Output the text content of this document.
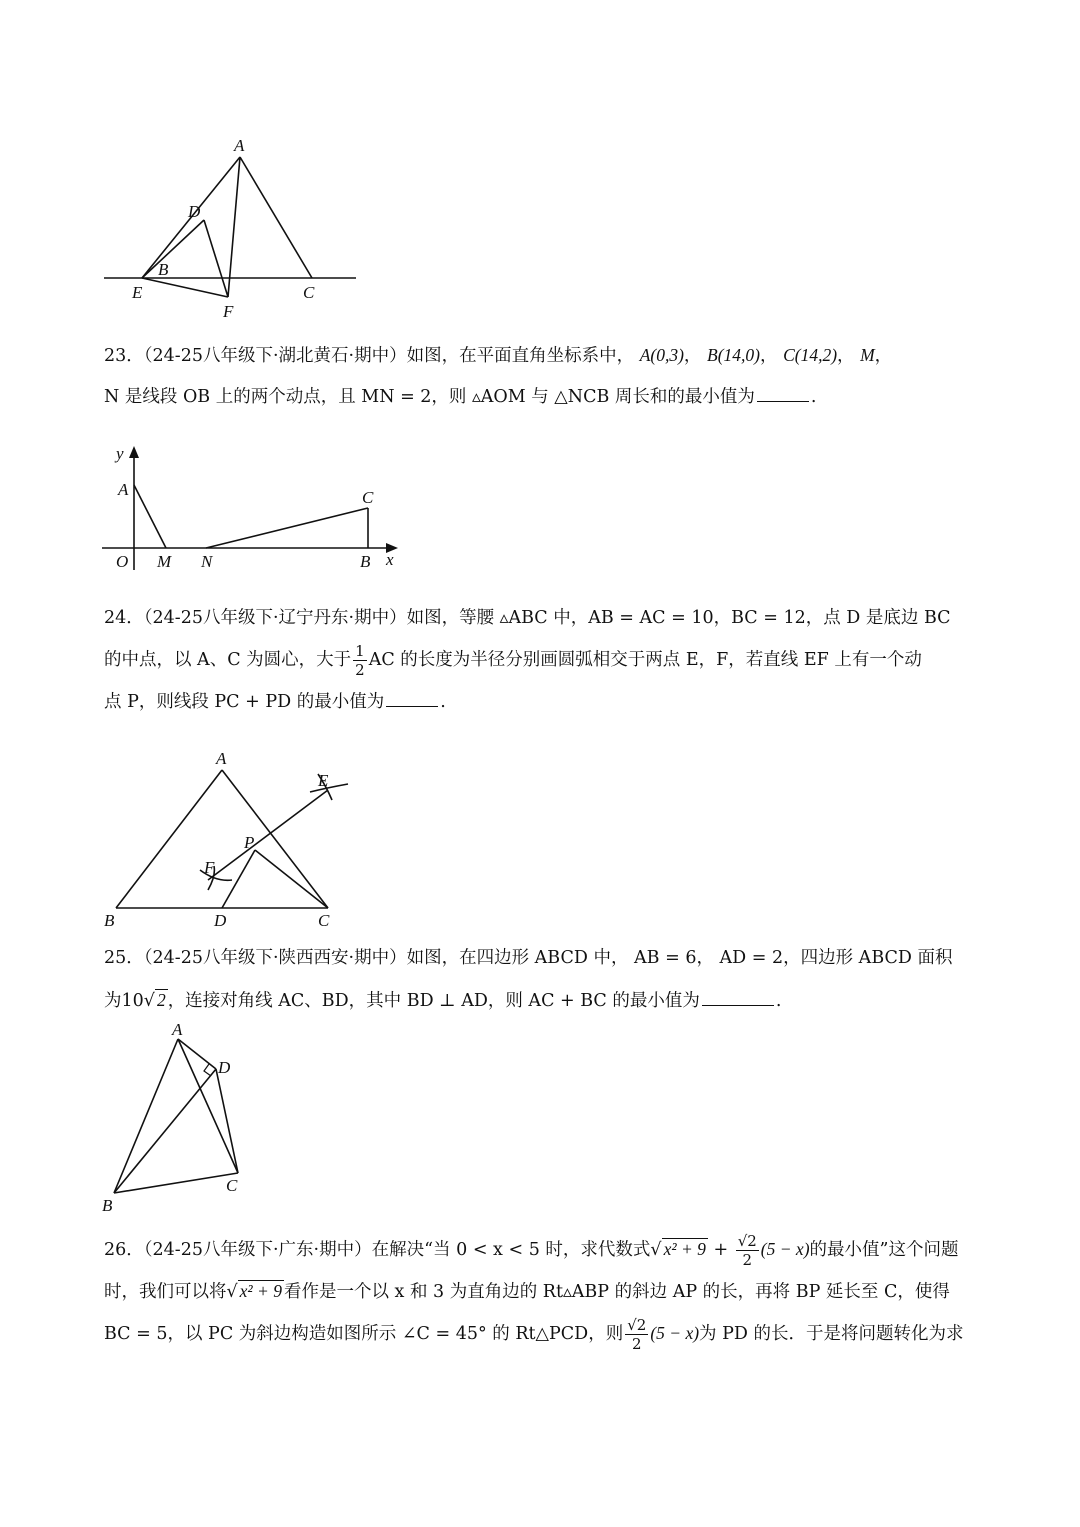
A
D
B
E	C
F
23．（24-25八年级下·湖北黄石·期中）如图，在平面直角坐标系中， A(0,3)， B(14,0)， C(14,2)， M，
N 是线段 OB 上的两个动点，且 MN = 2，则 ▵AOM 与 △NCB 周长和的最小值为	.
y
A	C
O M N	B x
24．（24-25八年级下·辽宁丹东·期中）如图，等腰 ▵ABC 中，AB = AC = 10，BC = 12，点 D 是底边 BC
的中点，以 A、C 为圆心，大于 $\frac{1}{2}$ AC 的长度为半径分别画圆弧相交于两点 E，F，若直线 EF 上有一个动
点 P，则线段 PC + PD 的最小值为	.
A
E
P
F
B	D	C
25．（24-25八年级下·陕西西安·期中）如图，在四边形 ABCD 中， AB = 6， AD = 2，四边形 ABCD 面积
为10√ 2 ，连接对角线 AC、BD，其中 BD ⊥ AD，则 AC + BC 的最小值为	.
A
D
B
C
26．（24-25八年级下·广东·期中）在解决“当 0 < x < 5 时，求代数式√ $x^2 + 9 + \frac{√2}{2} (5 - x)$的最小值”这个问题
时，我们可以将√ x² + 9 看作是一个以 x 和 3 为直角边的 Rt▵ABP 的斜边 AP 的长，再将 BP 延长至 C，使得
BC = 5，以 PC 为斜边构造如图所示 ∠C = 45° 的 Rt△PCD，则 $\frac{√2}{2} (5 - x)$为 PD 的长．于是将问题转化为求
